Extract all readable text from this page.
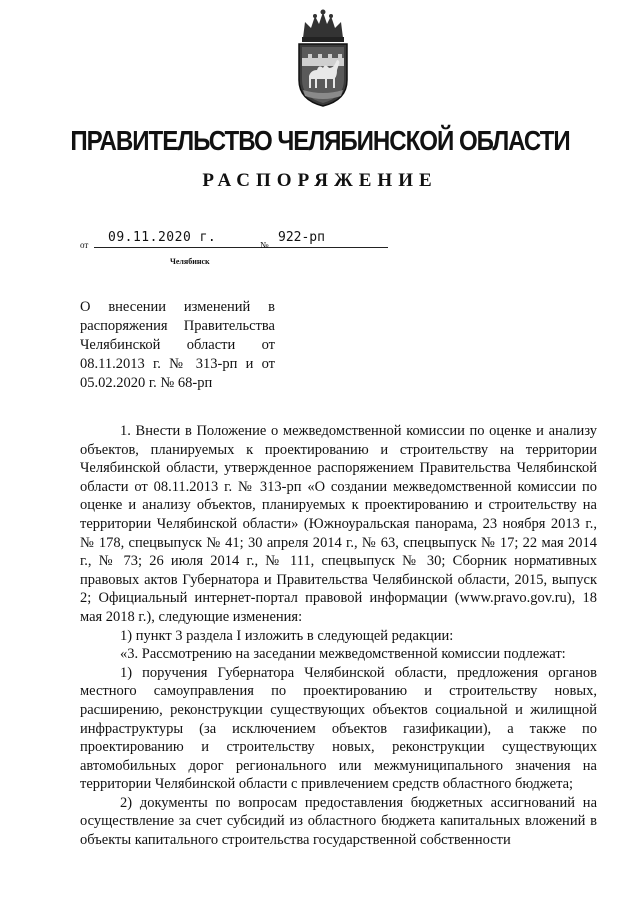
ПРАВИТЕЛЬСТВО ЧЕЛЯБИНСКОЙ ОБЛАСТИ
РАСПОРЯЖЕНИЕ
от 09.11.2020 г.	№ 922-рп
Челябинск
О внесении изменений в распоряжения Правительства Челябинской области от 08.11.2013 г. № 313-рп и от 05.02.2020 г. № 68-рп

1. Внести в Положение о межведомственной комиссии по оценке и анализу объектов, планируемых к проектированию и строительству на территории Челябинской области, утвержденное распоряжением Правительства Челябинской области от 08.11.2013 г. № 313-рп «О создании межведомственной комиссии по оценке и анализу объектов, планируемых к проектированию и строительству на территории Челябинской области» (Южноуральская панорама, 23 ноября 2013 г., № 178, спецвыпуск № 41; 30 апреля 2014 г., № 63, спецвыпуск № 17; 22 мая 2014 г., № 73; 26 июля 2014 г., № 111, спецвыпуск № 30; Сборник нормативных правовых актов Губернатора и Правительства Челябинской области, 2015, выпуск 2; Официальный интернет-портал правовой информации (www.pravo.gov.ru), 18 мая 2018 г.), следующие изменения:

1) пункт 3 раздела I изложить в следующей редакции:

«3. Рассмотрению на заседании межведомственной комиссии подлежат:

1) поручения Губернатора Челябинской области, предложения органов местного самоуправления по проектированию и строительству новых, расширению, реконструкции существующих объектов социальной и жилищной инфраструктуры (за исключением объектов газификации), а также по проектированию и строительству новых, реконструкции существующих автомобильных дорог регионального или межмуниципального значения на территории Челябинской области с привлечением средств областного бюджета;

2) документы по вопросам предоставления бюджетных ассигнований на осуществление за счет субсидий из областного бюджета капитальных вложений в объекты капитального строительства государственной собственности
